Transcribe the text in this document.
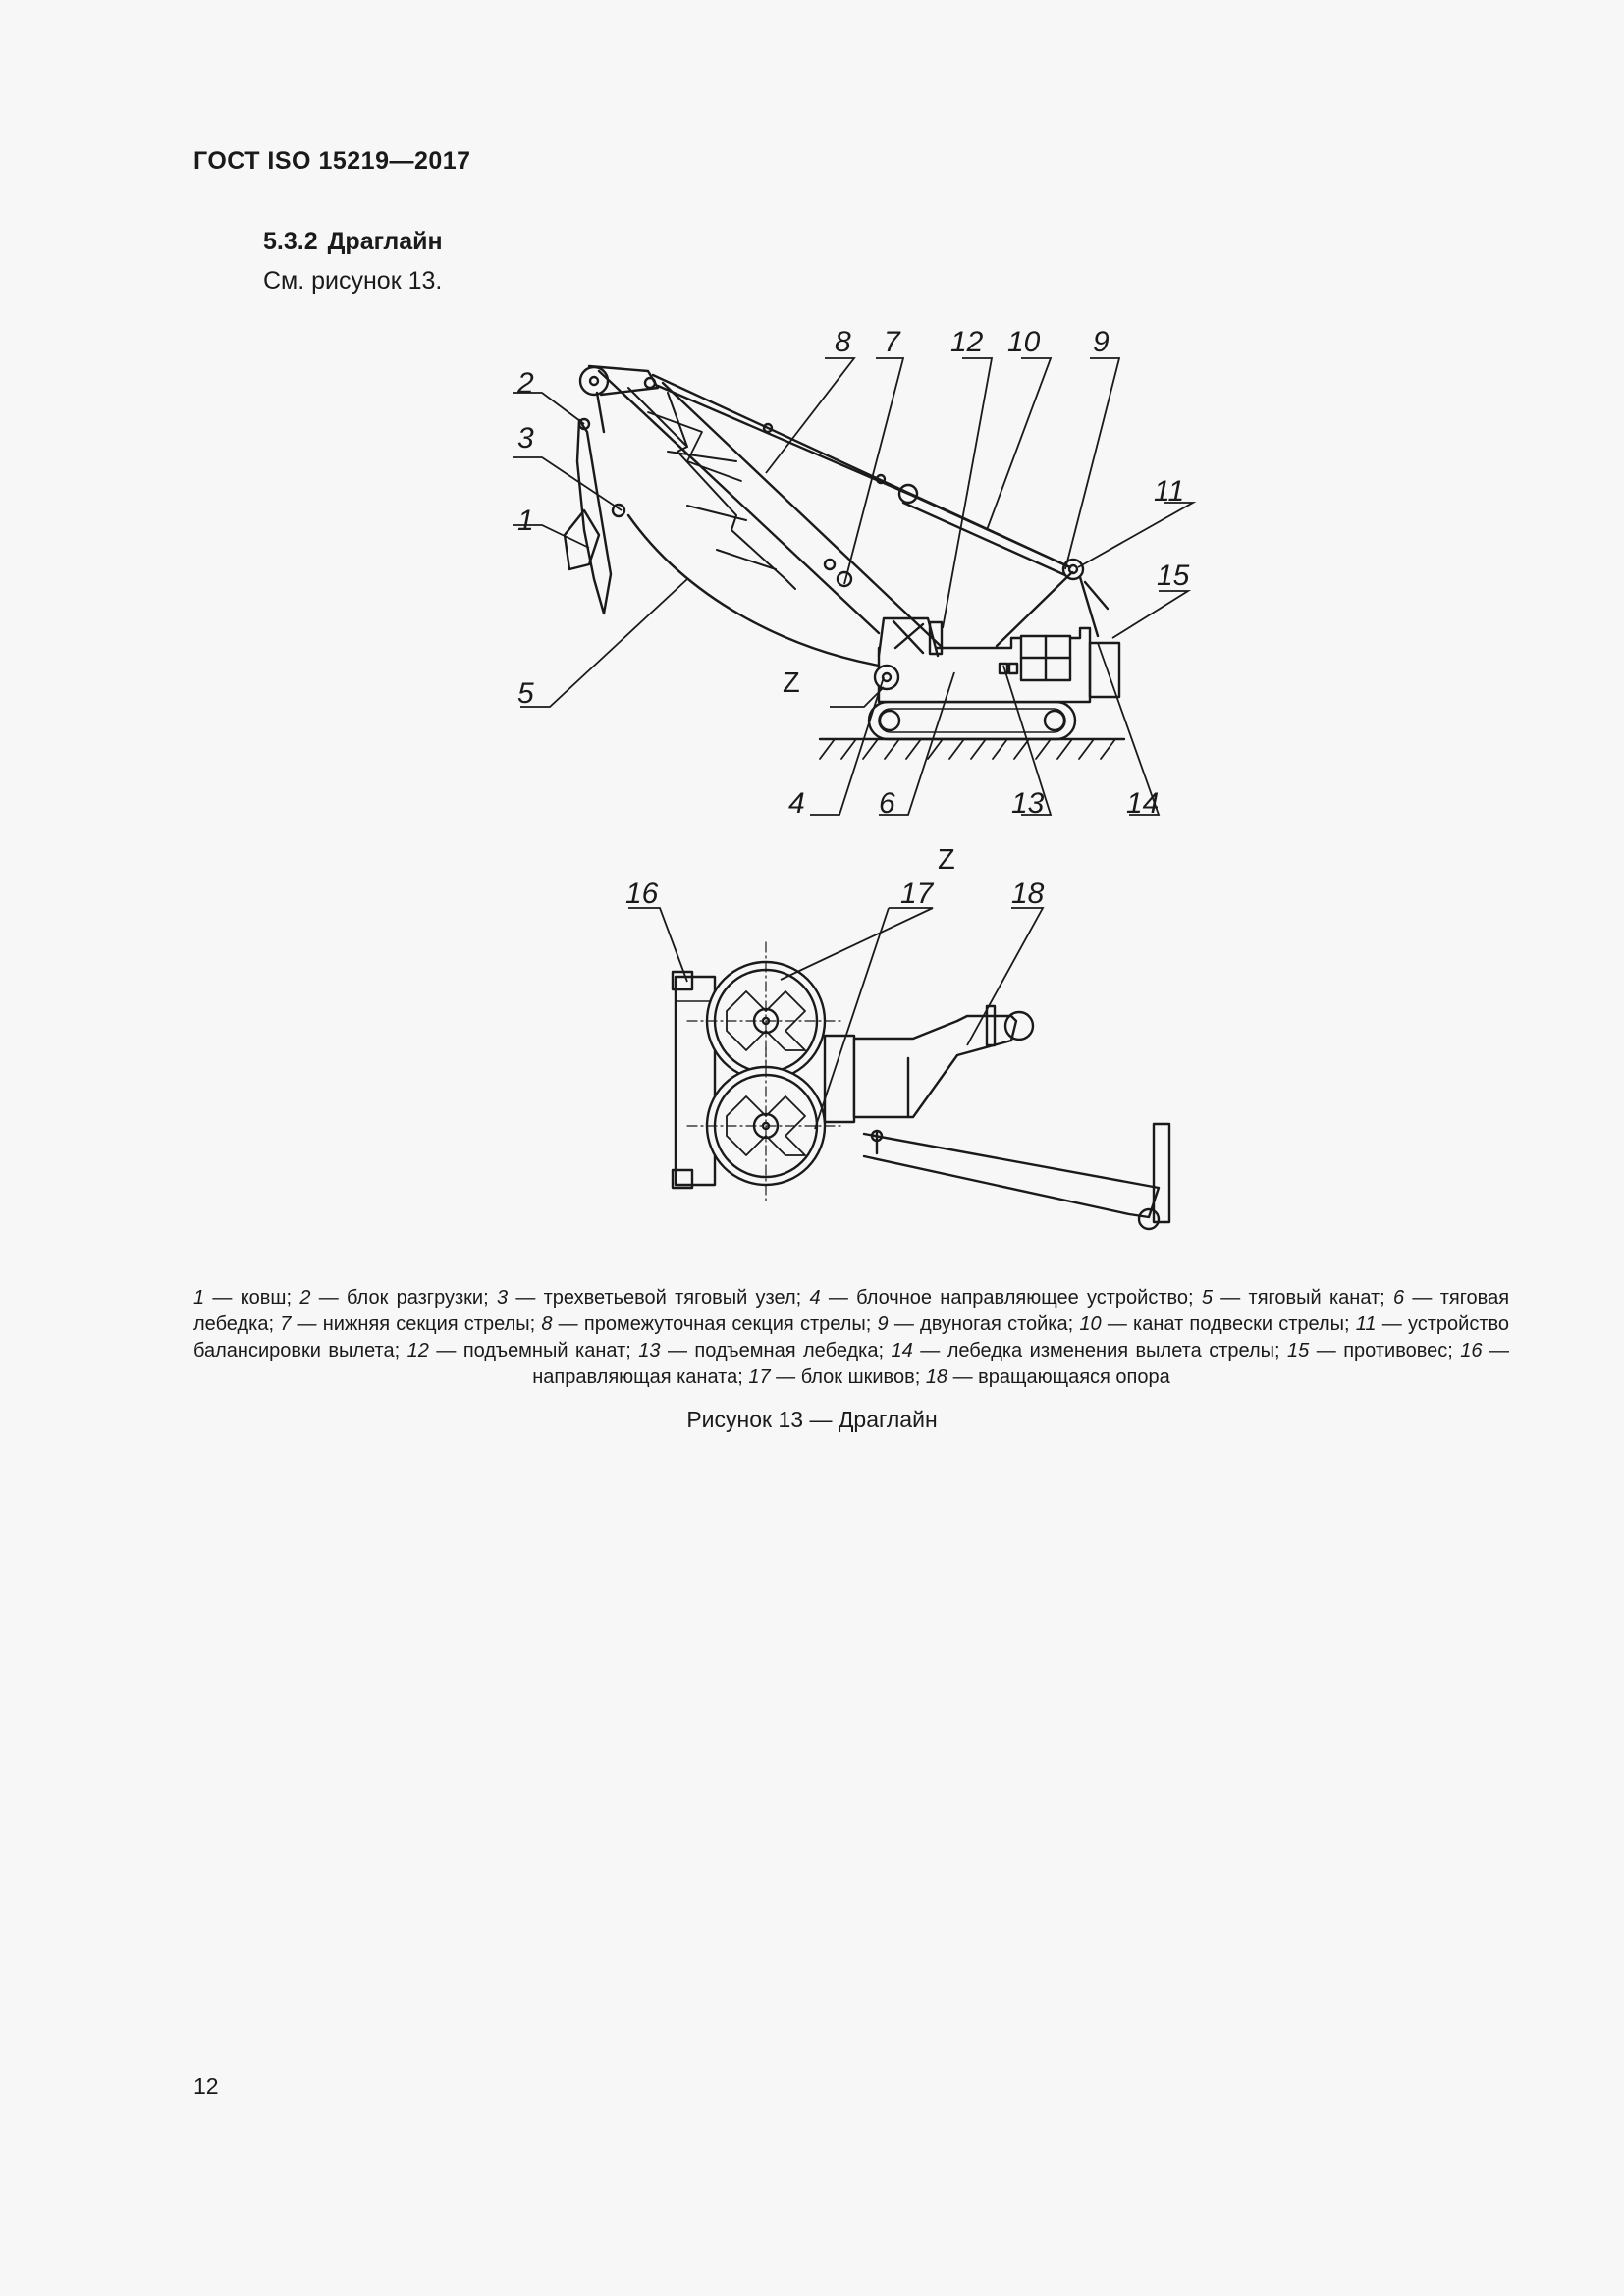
ГОСТ ISO 15219—2017
5.3.2 Драглайн
См. рисунок 13.
1
2
3
4
5
6
7
8	9
10
11
12
13	14
15
Z
Z
16	17	18
1 — ковш; 2 — блок разгрузки; 3 — трехветьевой тяговый узел; 4 — блочное направляющее устройство; 5 — тяговый канат; 6 — тяговая лебедка; 7 — нижняя секция стрелы; 8 — промежуточная секция стрелы; 9 — двуногая стойка; 10 — канат подвески стрелы; 11 — устройство балансировки вылета; 12 — подъемный канат; 13 — подъемная лебедка; 14 — лебедка изменения вылета стрелы; 15 — противовес; 16 — направляющая каната; 17 — блок шкивов; 18 — вращающаяся опора
Рисунок 13 — Драглайн
12
